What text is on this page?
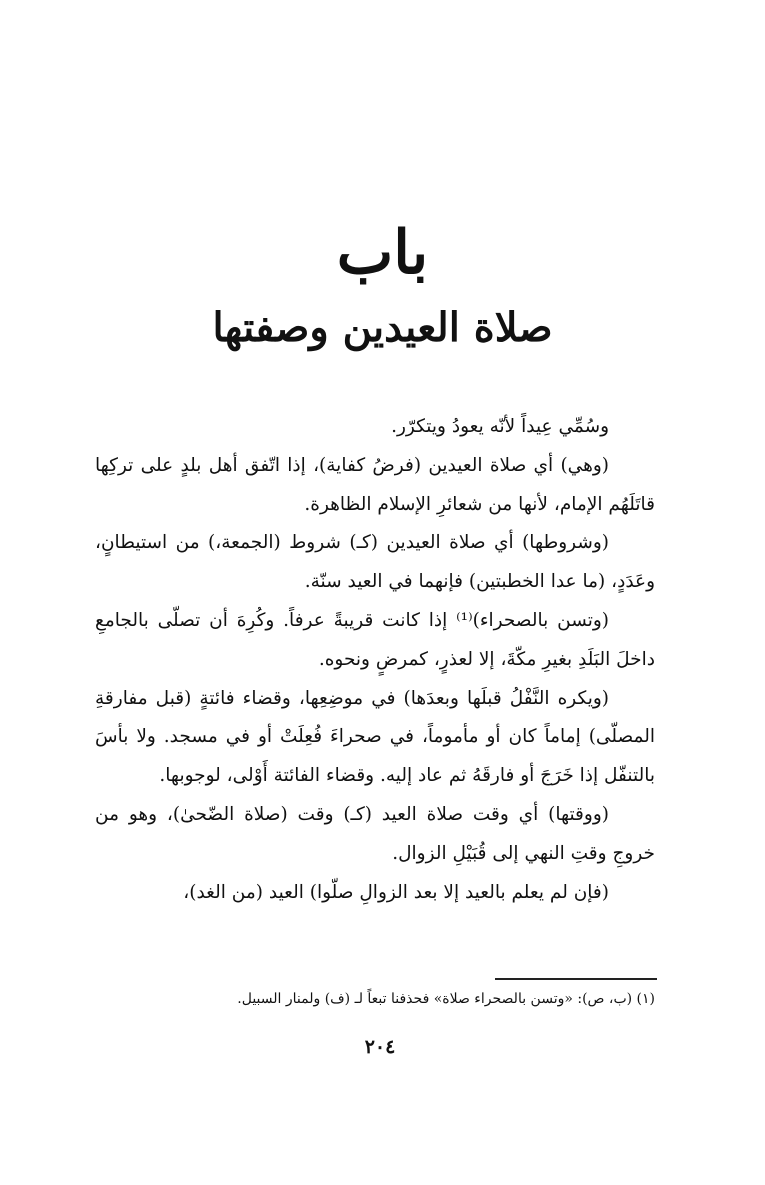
باب
صلاة العيدين وصفتها

وسُمِّي عِيداً لأنّه يعودُ ويتكرّر.

(وهي) أي صلاة العيدين (فرضُ كفاية)، إذا اتّفق أهل بلدٍ على تركِها قاتَلَهُم الإمام، لأنها من شعائرِ الإسلام الظاهرة.

(وشروطها) أي صلاة العيدين (كـ) شروط (الجمعة،) من استيطانٍ، وعَدَدٍ، (ما عدا الخطبتين) فإنهما في العيد سنّة.

(وتسن بالصحراء)⁽¹⁾ إذا كانت قريبةً عرفاً. وكُرِهَ أن تصلّى بالجامعِ داخلَ البَلَدِ بغيرِ مكّةَ، إلا لعذرٍ، كمرضٍ ونحوه.

(ويكره النَّفْلُ قبلَها وبعدَها) في موضِعِها، وقضاء فائتةٍ (قبل مفارقةِ المصلّى) إماماً كان أو مأموماً، في صحراءَ فُعِلَتْ أو في مسجد. ولا بأسَ بالتنفّل إذا خَرَجَ أو فارقَهُ ثم عاد إليه. وقضاء الفائتة أَوْلى، لوجوبها.

(ووقتها) أي وقت صلاة العيد (كـ) وقت (صلاة الضّحىٰ)، وهو من خروجِ وقتِ النهي إلى قُبَيْلِ الزوال.

(فإن لم يعلم بالعيد إلا بعد الزوالِ صلّوا) العيد (من الغد)،

(١) (ب، ص): «وتسن بالصحراء صلاة» فحذفنا تبعاً لـ (ف) ولمنار السبيل.
٢٠٤
